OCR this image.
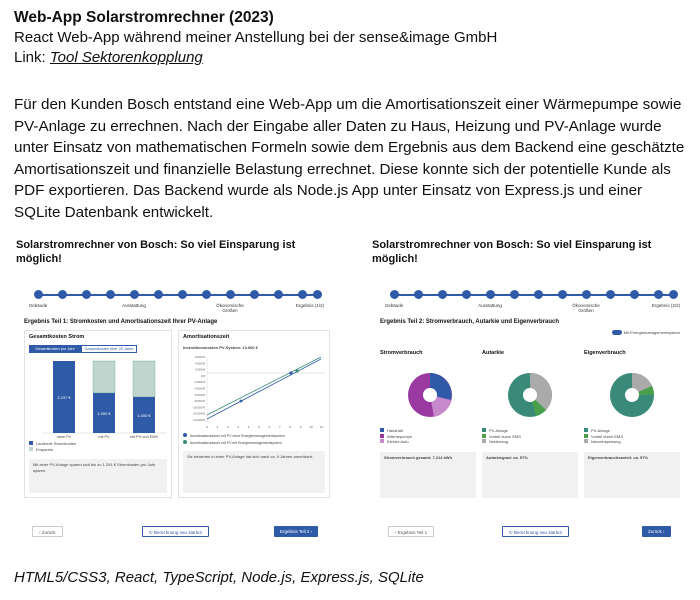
Web-App Solarstromrechner (2023)
React Web-App während meiner Anstellung bei der sense&image GmbH
Link: Tool Sektorenkopplung
Für den Kunden Bosch entstand eine Web-App um die Amortisationszeit einer Wärmepumpe sowie PV-Anlage zu errechnen. Nach der Eingabe aller Daten zu Haus, Heizung und PV-Anlage wurde unter Einsatz von mathematischen Formeln sowie dem Ergebnis aus dem Backend eine geschätzte Amortisationszeit und finanzielle Belastung errechnet. Diese konnte sich der potentielle Kunde als PDF exportieren. Das Backend wurde als Node.js App unter Einsatz von Express.js und einer SQLite Datenbank entwickelt.
Solarstromrechner von Bosch: So viel Einsparung ist möglich!
Gebäude	Ausstattung	Ökonomische Größen
Ergebnis (1/2)
Ergebnis Teil 1: Stromkosten und Amortisationszeit Ihrer PV-Anlage
Gesamtkosten Strom
Gesamtkosten pro Jahr	Gesamtkosten über 20 Jahre
2.237 €
1.000 €	1.000 €
ohne PV	mit PV	mit PV und EMS
Laufende Stromkosten
Ersparnis
Mit einer PV-Anlage sparen sich bis zu 1.291 € Stromkosten pro Jahr sparen.
Amortisationszeit
Investitionskosten PV-System: 13.000 €
6.000 €
4.000 €
2.000 €
0 €
-2.000 €
-4.000 €
-6.000 €
-8.000 €
-10.000 €
-12.000 €
-14.000 €
0	1	2	3	4	5	6	7	8	9	10 11
Amortisationsdauer mit PV ohne Energiemanagementsystem
Amortisationsdauer mit PV mit Energiemanagementsystem
Sie bewerten in einer PV-Anlage hat sich nach ca. 9 Jahren amortisiert.
‹ Zurück	↻ Berechnung neu starten	Ergebnis Teil 2 ›
Solarstromrechner von Bosch: So viel Einsparung ist möglich!
Gebäude	Ausstattung	Ökonomische Größen
Ergebnis (2/2)
Ergebnis Teil 2: Stromverbrauch, Autarkie und Eigenverbrauch
Mit Energiemanagementsystem
Stromverbrauch
Haushalt
Wärmepumpe
Elektro Auto
Stromverbrauch gesamt: 7.214 kWh
Autarkie
PV-Anlage
Vorteil durch EMS
Netzbezug
Autarkiegrad: ca. 57%
Eigenverbrauch
PV-Anlage
Vorteil durch EMS
Netzeinspeisung
Eigenverbrauchsanteil: ca. 57%
‹ Ergebnis Teil 1	↻ Berechnung neu starten	Zurück ›
HTML5/CSS3, React, TypeScript, Node.js, Express.js, SQLite
